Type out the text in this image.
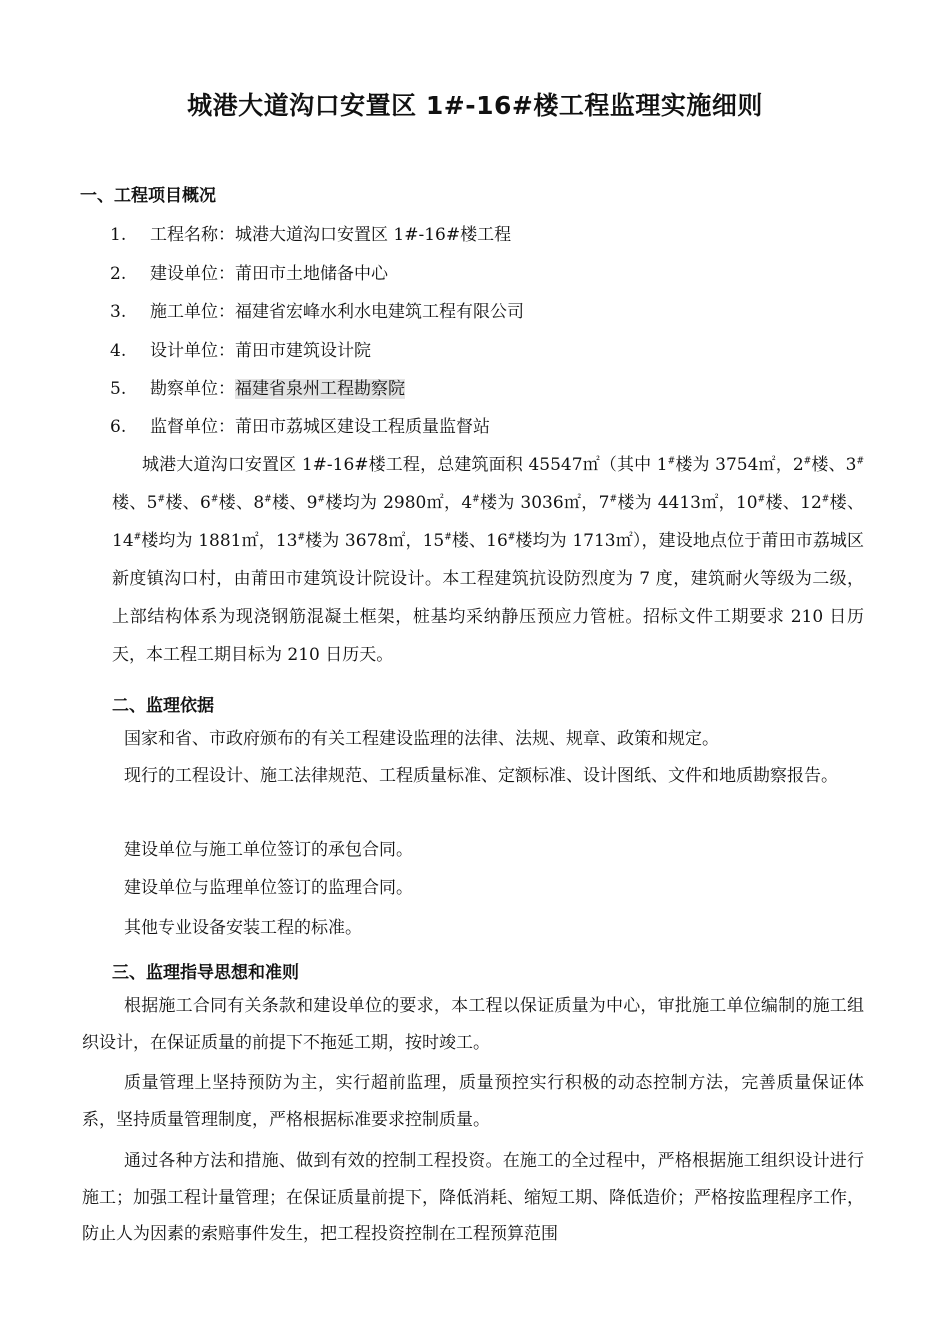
城港大道沟口安置区 1#-16#楼工程监理实施细则
一、工程项目概况
1. 工程名称：城港大道沟口安置区 1#-16#楼工程
2. 建设单位：莆田市土地储备中心
3. 施工单位：福建省宏峰水利水电建筑工程有限公司
4. 设计单位：莆田市建筑设计院
5. 勘察单位：福建省泉州工程勘察院
6. 监督单位：莆田市荔城区建设工程质量监督站

城港大道沟口安置区 1#-16#楼工程，总建筑面积 45547㎡（其中 1#楼为 3754㎡，2#楼、3#楼、5#楼、6#楼、8#楼、9#楼均为 2980㎡，4#楼为 3036㎡，7#楼为 4413㎡，10#楼、12#楼、14#楼均为 1881㎡，13#楼为 3678㎡，15#楼、16#楼均为 1713㎡），建设地点位于莆田市荔城区新度镇沟口村，由莆田市建筑设计院设计。本工程建筑抗设防烈度为 7 度，建筑耐火等级为二级，上部结构体系为现浇钢筋混凝土框架，桩基均采纳静压预应力管桩。招标文件工期要求 210 日历天，本工程工期目标为 210 日历天。

二、监理依据

国家和省、市政府颁布的有关工程建设监理的法律、法规、规章、政策和规定。

现行的工程设计、施工法律规范、工程质量标准、定额标准、设计图纸、文件和地质勘察报告。

建设单位与施工单位签订的承包合同。

建设单位与监理单位签订的监理合同。

其他专业设备安装工程的标准。

三、监理指导思想和准则

根据施工合同有关条款和建设单位的要求，本工程以保证质量为中心，审批施工单位编制的施工组织设计，在保证质量的前提下不拖延工期，按时竣工。

质量管理上坚持预防为主，实行超前监理，质量预控实行积极的动态控制方法，完善质量保证体系，坚持质量管理制度，严格根据标准要求控制质量。

通过各种方法和措施、做到有效的控制工程投资。在施工的全过程中，严格根据施工组织设计进行施工；加强工程计量管理；在保证质量前提下，降低消耗、缩短工期、降低造价；严格按监理程序工作，防止人为因素的索赔事件发生，把工程投资控制在工程预算范围
